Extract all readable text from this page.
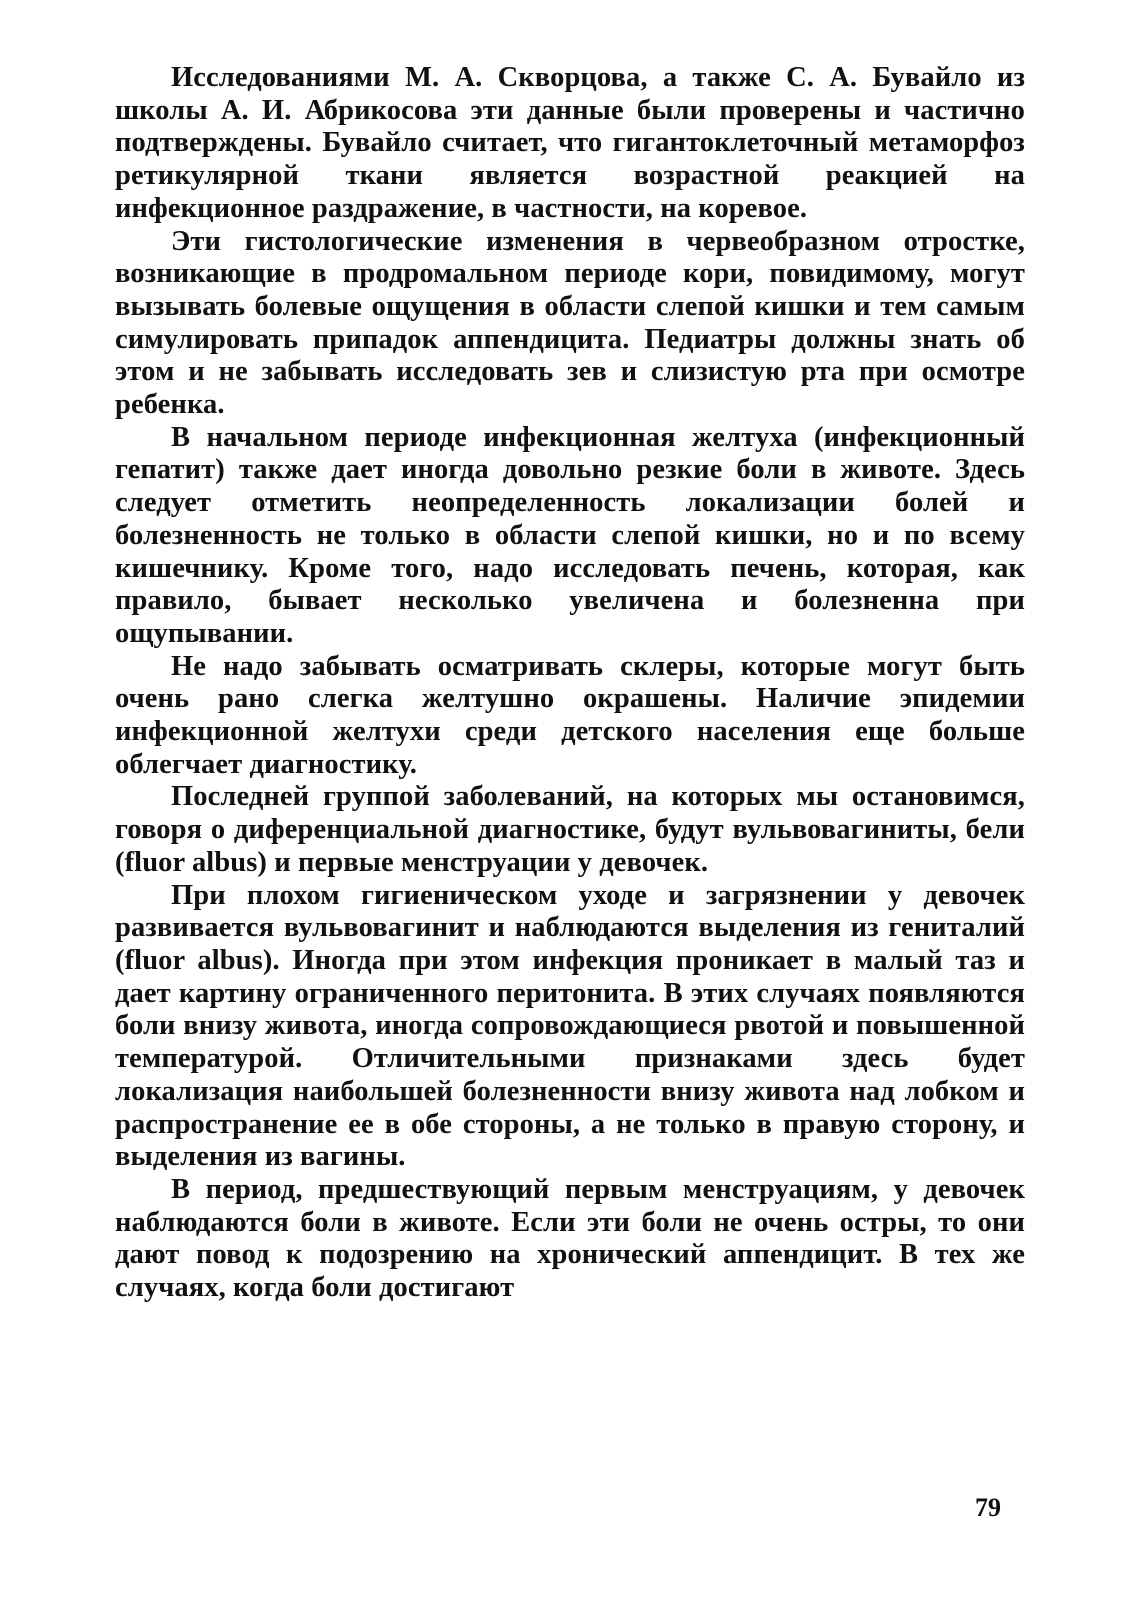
Исследованиями М. А. Скворцова, а также С. А. Бувайло из школы А. И. Абрикосова эти данные были проверены и частично подтверждены. Бувайло считает, что гигантоклеточный метаморфоз ретикулярной ткани является возрастной реакцией на инфекционное раздражение, в частности, на коревое.

Эти гистологические изменения в червеобразном отростке, возникающие в продромальном периоде кори, повидимому, могут вызывать болевые ощущения в области слепой кишки и тем самым симулировать припадок аппендицита. Педиатры должны знать об этом и не забывать исследовать зев и слизистую рта при осмотре ребенка.

В начальном периоде инфекционная желтуха (инфекционный гепатит) также дает иногда довольно резкие боли в животе. Здесь следует отметить неопределенность локализации болей и болезненность не только в области слепой кишки, но и по всему кишечнику. Кроме того, надо исследовать печень, которая, как правило, бывает несколько увеличена и болезненна при ощупывании.

Не надо забывать осматривать склеры, которые могут быть очень рано слегка желтушно окрашены. Наличие эпидемии инфекционной желтухи среди детского населения еще больше облегчает диагностику.

Последней группой заболеваний, на которых мы остановимся, говоря о диференциальной диагностике, будут вульвовагиниты, бели (fluor albus) и первые менструации у девочек.

При плохом гигиеническом уходе и загрязнении у девочек развивается вульвовагинит и наблюдаются выделения из гениталий (fluor albus). Иногда при этом инфекция проникает в малый таз и дает картину ограниченного перитонита. В этих случаях появляются боли внизу живота, иногда сопровождающиеся рвотой и повышенной температурой. Отличительными признаками здесь будет локализация наибольшей болезненности внизу живота над лобком и распространение ее в обе стороны, а не только в правую сторону, и выделения из вагины.

В период, предшествующий первым менструациям, у девочек наблюдаются боли в животе. Если эти боли не очень остры, то они дают повод к подозрению на хронический аппендицит. В тех же случаях, когда боли достигают

79
